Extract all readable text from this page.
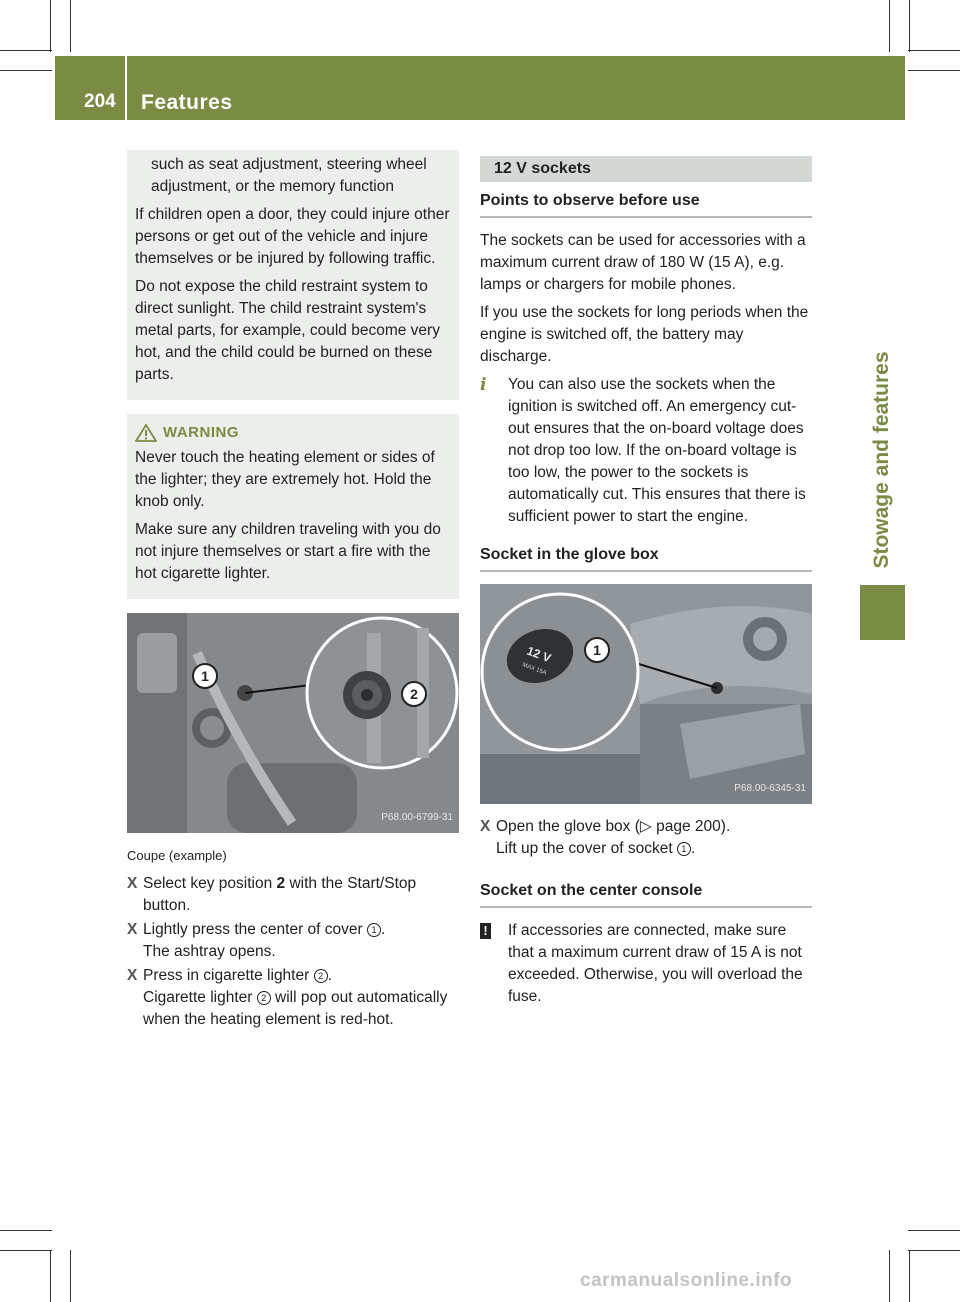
204 Features
Stowage and features

such as seat adjustment, steering wheel adjustment, or the memory function

If children open a door, they could injure other persons or get out of the vehicle and injure themselves or be injured by following traffic.

Do not expose the child restraint system to direct sunlight. The child restraint system's metal parts, for example, could become very hot, and the child could be burned on these parts.

WARNING

Never touch the heating element or sides of the lighter; they are extremely hot. Hold the knob only.

Make sure any children traveling with you do not injure themselves or start a fire with the hot cigarette lighter.

1
2
P68.00-6799-31
Coupe (example)
X Select key position 2 with the Start/Stop button.

X Lightly press the center of cover 1 .

The ashtray opens.

X Press in cigarette lighter 2 .

Cigarette lighter 2 will pop out automatically when the heating element is red-hot.

12 V sockets
Points to observe before use

The sockets can be used for accessories with a maximum current draw of 180 W (15 A), e.g. lamps or chargers for mobile phones.

If you use the sockets for long periods when the engine is switched off, the battery may discharge.

i	You can also use the sockets when the ignition is switched off. An emergency cut-out ensures that the on-board voltage does not drop too low. If the on-board voltage is too low, the power to the sockets is automatically cut. This ensures that there is sufficient power to start the engine.

Socket in the glove box
12 V
MAX 15A
1
P68.00-6345-31
X Open the glove box (▷ page 200).

Lift up the cover of socket 1 .

Socket on the center console
!	If accessories are connected, make sure that a maximum current draw of 15 A is not exceeded. Otherwise, you will overload the fuse.

carmanualsonline.info
